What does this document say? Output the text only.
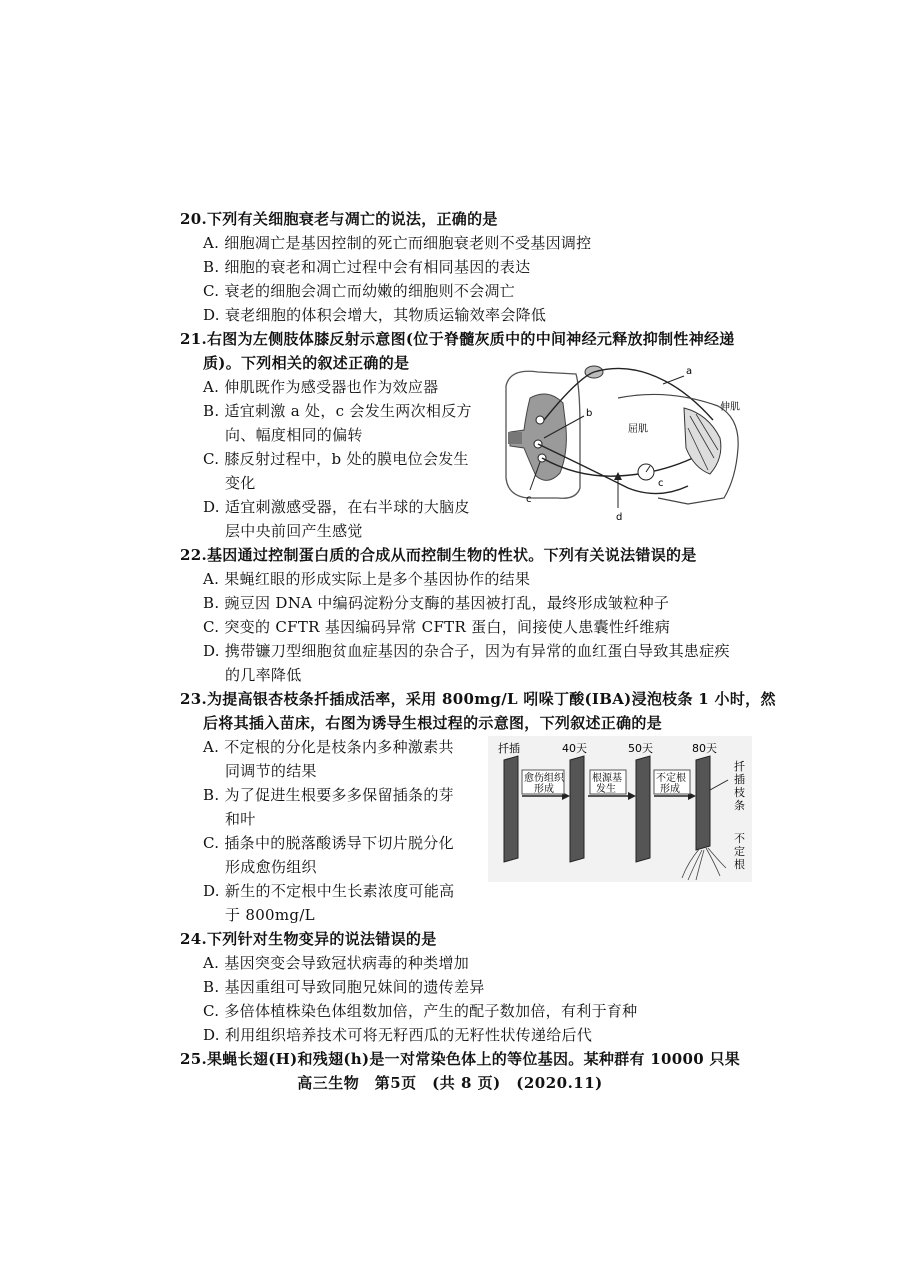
20.下列有关细胞衰老与凋亡的说法，正确的是
A. 细胞凋亡是基因控制的死亡而细胞衰老则不受基因调控
B. 细胞的衰老和凋亡过程中会有相同基因的表达
C. 衰老的细胞会凋亡而幼嫩的细胞则不会凋亡
D. 衰老细胞的体积会增大，其物质运输效率会降低
21.右图为左侧肢体膝反射示意图(位于脊髓灰质中的中间神经元释放抑制性神经递
质)。下列相关的叙述正确的是
A. 伸肌既作为感受器也作为效应器
B. 适宜刺激 a 处，c 会发生两次相反方
向、幅度相同的偏转
C. 膝反射过程中，b 处的膜电位会发生
变化
D. 适宜刺激感受器，在右半球的大脑皮
层中央前回产生感觉
a
b
c
c
d
屈肌
伸肌
22.基因通过控制蛋白质的合成从而控制生物的性状。下列有关说法错误的是
A. 果蝇红眼的形成实际上是多个基因协作的结果
B. 豌豆因 DNA 中编码淀粉分支酶的基因被打乱，最终形成皱粒种子
C. 突变的 CFTR 基因编码异常 CFTR 蛋白，间接使人患囊性纤维病
D. 携带镰刀型细胞贫血症基因的杂合子，因为有异常的血红蛋白导致其患症疾
的几率降低
23.为提高银杏枝条扦插成活率，采用 800mg/L 吲哚丁酸(IBA)浸泡枝条 1 小时，然
后将其插入苗床，右图为诱导生根过程的示意图，下列叙述正确的是
A. 不定根的分化是枝条内多种激素共
同调节的结果
B. 为了促进生根要多多保留插条的芽
和叶
C. 插条中的脱落酸诱导下切片脱分化
形成愈伤组织
D. 新生的不定根中生长素浓度可能高
于 800mg/L
扦插	40天	50天	80天
愈伤组织
形成
根源基
发生
不定根
形成
扦
插
枝
条
不
定
根
24.下列针对生物变异的说法错误的是
A. 基因突变会导致冠状病毒的种类增加
B. 基因重组可导致同胞兄妹间的遗传差异
C. 多倍体植株染色体组数加倍，产生的配子数加倍，有利于育种
D. 利用组织培养技术可将无籽西瓜的无籽性状传递给后代
25.果蝇长翅(H)和残翅(h)是一对常染色体上的等位基因。某种群有 10000 只果
高三生物　第5页　(共 8 页)　(2020.11)
